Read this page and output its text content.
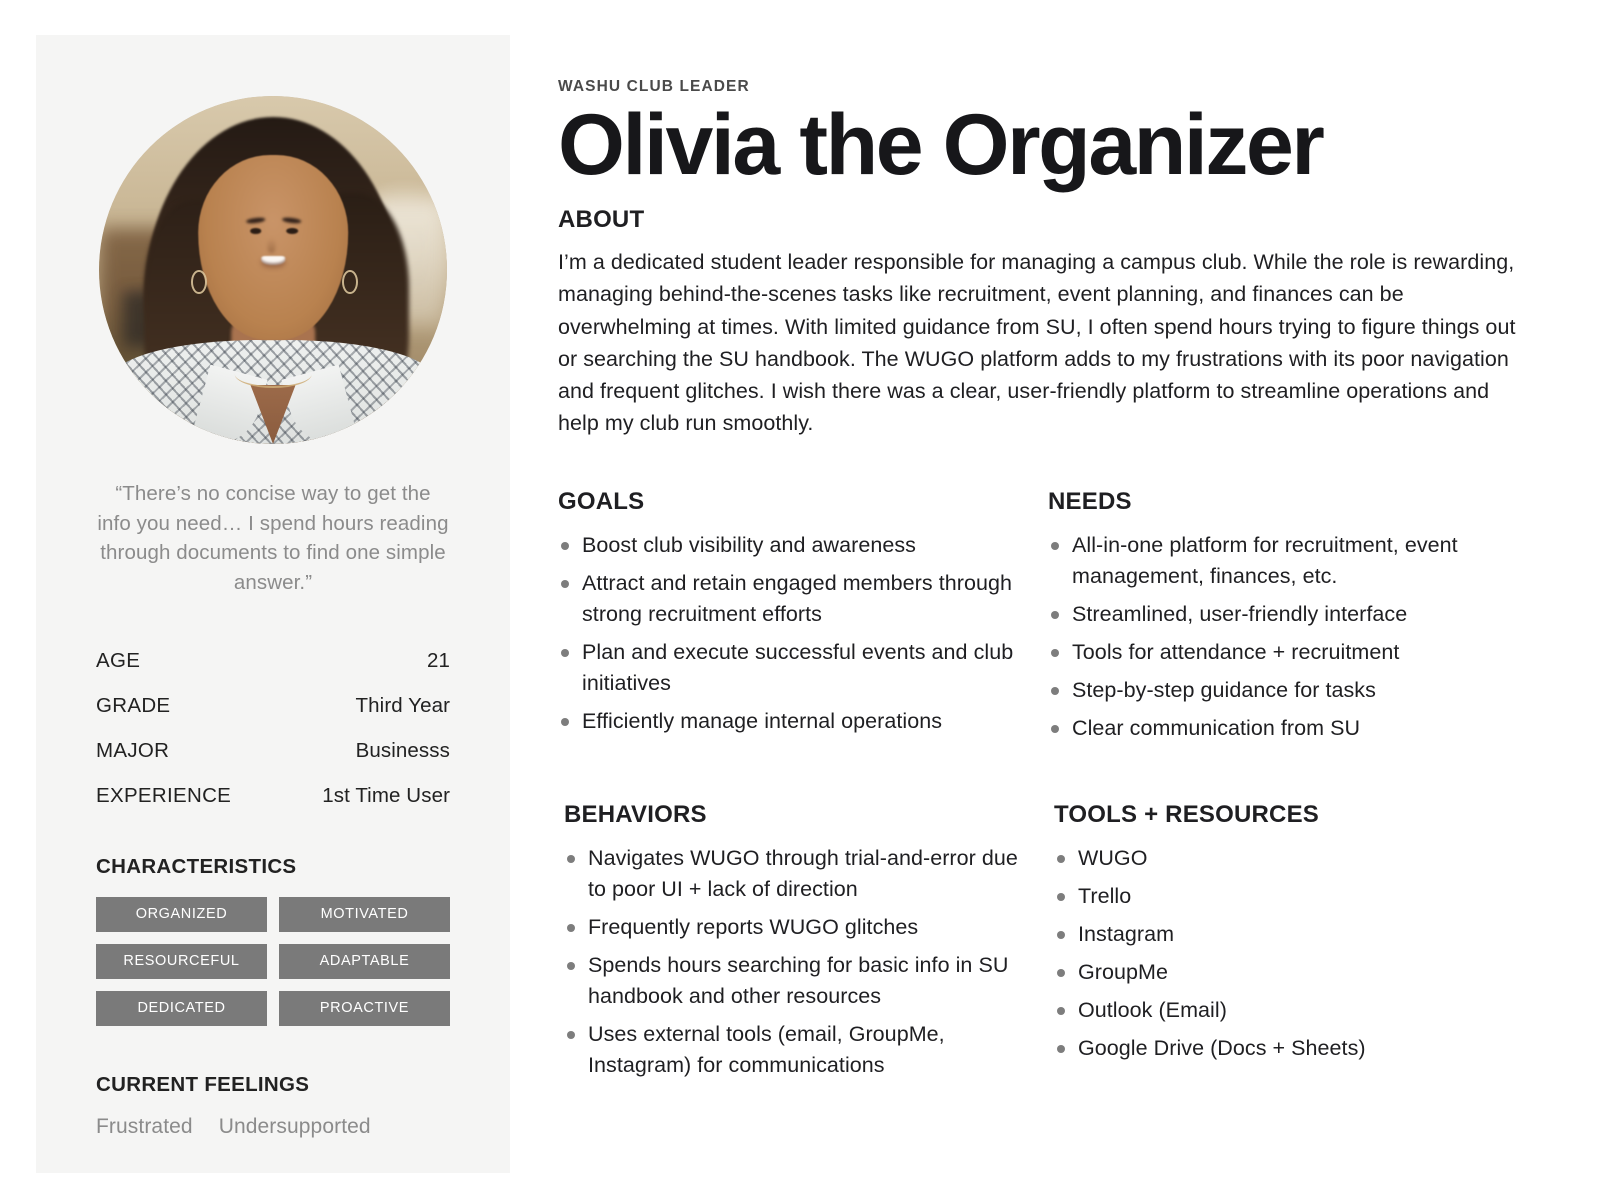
“There’s no concise way to get the info you need… I spend hours reading through documents to find one simple answer.”

AGE	21
GRADE	Third Year
MAJOR	Businesss
EXPERIENCE	1st Time User
CHARACTERISTICS
ORGANIZED	MOTIVATED
RESOURCEFUL	ADAPTABLE
DEDICATED	PROACTIVE
CURRENT FEELINGS
Frustrated Undersupported
WASHU CLUB LEADER
Olivia the Organizer
ABOUT

I’m a dedicated student leader responsible for managing a campus club. While the role is rewarding, managing behind-the-scenes tasks like recruitment, event planning, and finances can be overwhelming at times. With limited guidance from SU, I often spend hours trying to figure things out or searching the SU handbook. The WUGO platform adds to my frustrations with its poor navigation and frequent glitches. I wish there was a clear, user-friendly platform to streamline operations and help my club run smoothly.

GOALS
Boost club visibility and awareness
Attract and retain engaged members through strong recruitment efforts
Plan and execute successful events and club initiatives
Efficiently manage internal operations
NEEDS
All-in-one platform for recruitment, event management, finances, etc.
Streamlined, user-friendly interface
Tools for attendance + recruitment
Step-by-step guidance for tasks
Clear communication from SU
BEHAVIORS
Navigates WUGO through trial-and-error due to poor UI + lack of direction
Frequently reports WUGO glitches
Spends hours searching for basic info in SU handbook and other resources
Uses external tools (email, GroupMe, Instagram) for communications
TOOLS + RESOURCES
WUGO
Trello
Instagram
GroupMe
Outlook (Email)
Google Drive (Docs + Sheets)
